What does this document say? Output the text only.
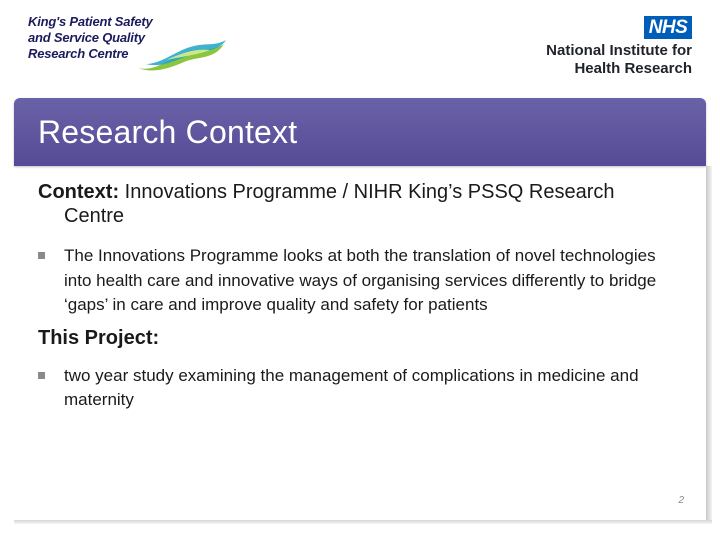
King's Patient Safety
and Service Quality
Research Centre
NHS
National Institute for
Health Research
Research Context

Context: Innovations Programme / NIHR King’s PSSQ Research Centre

The Innovations Programme looks at both the translation of novel technologies into health care and innovative ways of organising services differently to bridge ‘gaps’ in care and improve quality and safety for patients

This Project:

two year study examining the management of complications in medicine and maternity

2
